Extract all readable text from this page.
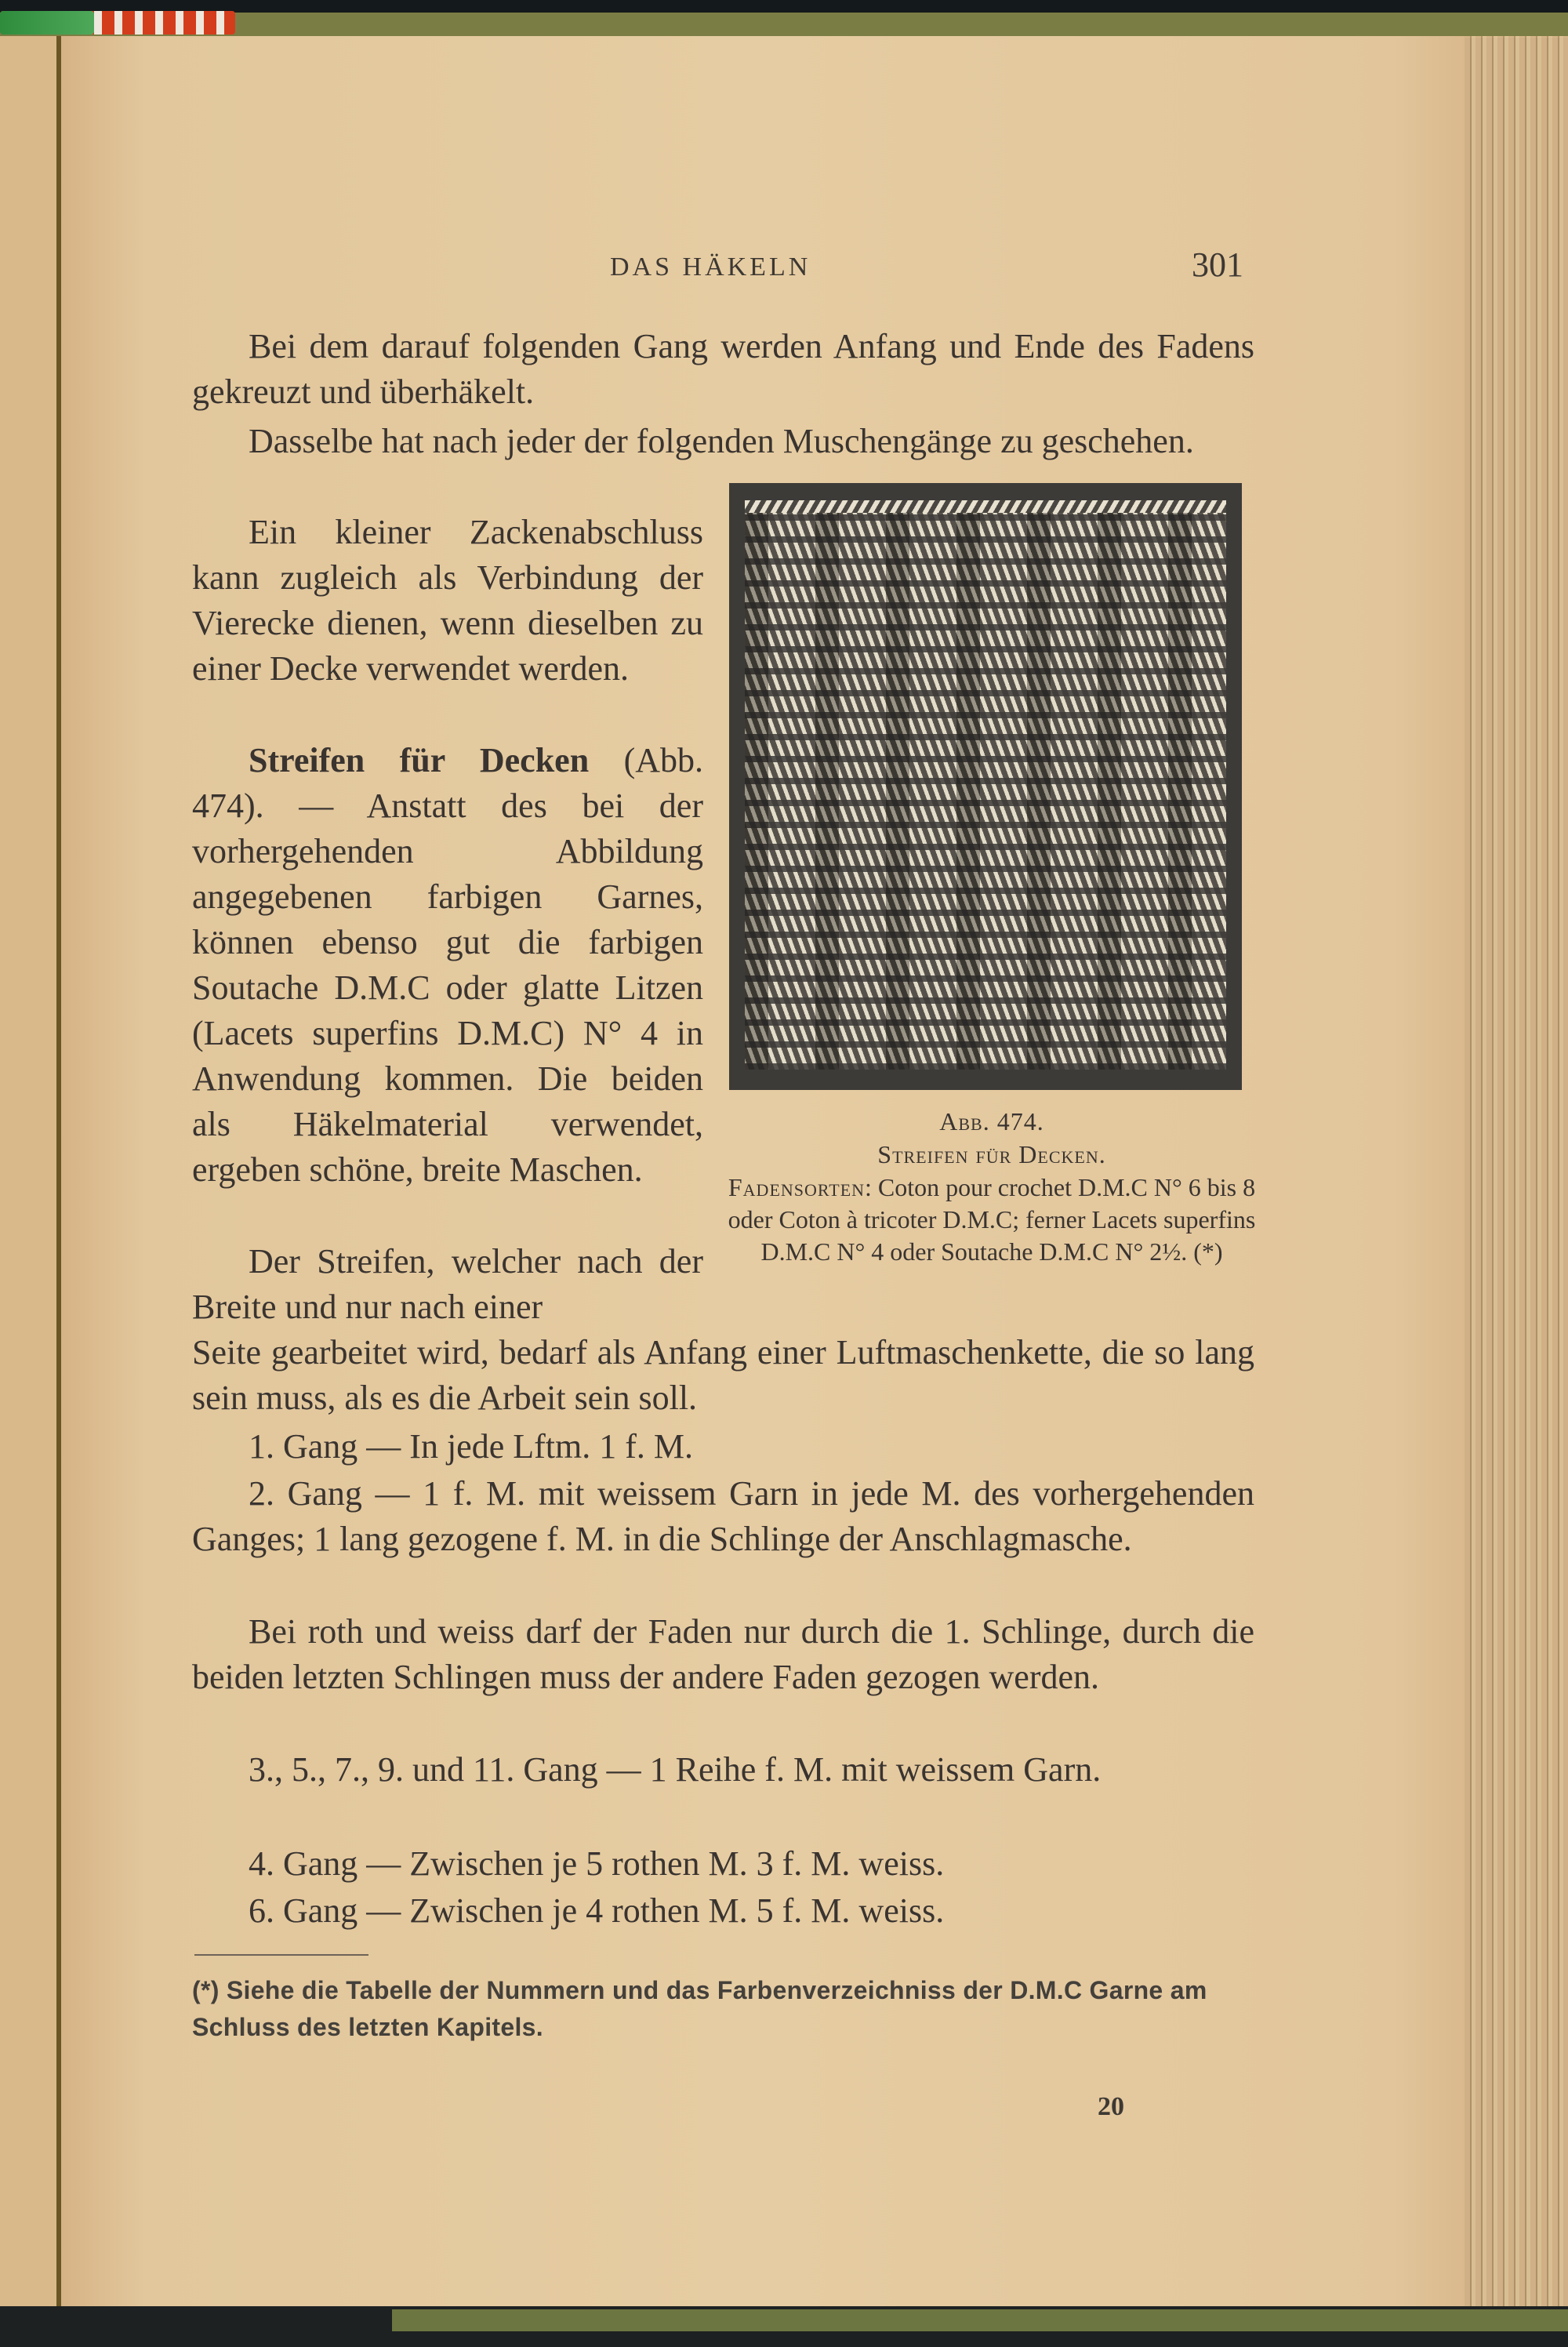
DAS HÄKELN	301
Bei dem darauf folgenden Gang werden Anfang und Ende des Fadens gekreuzt und überhäkelt.
Dasselbe hat nach jeder der folgenden Muschengänge zu geschehen.
Ein kleiner Zackenabschluss kann zugleich als Verbindung der Vierecke dienen, wenn dieselben zu einer Decke verwendet werden.
Streifen für Decken (Abb. 474). — Anstatt des bei der vorhergehenden Abbildung angegebenen farbigen Garnes, können ebenso gut die farbigen Soutache D.M.C oder glatte Litzen (Lacets superfins D.M.C) N° 4 in Anwendung kommen. Die beiden als Häkelmaterial verwendet, ergeben schöne, breite Maschen.
Der Streifen, welcher nach der Breite und nur nach einer
Seite gearbeitet wird, bedarf als Anfang einer Luftmaschenkette, die so lang sein muss, als es die Arbeit sein soll.
1. Gang — In jede Lftm. 1 f. M.
2. Gang — 1 f. M. mit weissem Garn in jede M. des vorhergehenden Ganges; 1 lang gezogene f. M. in die Schlinge der Anschlagmasche.
Bei roth und weiss darf der Faden nur durch die 1. Schlinge, durch die beiden letzten Schlingen muss der andere Faden gezogen werden.
3., 5., 7., 9. und 11. Gang — 1 Reihe f. M. mit weissem Garn.
4. Gang — Zwischen je 5 rothen M. 3 f. M. weiss.
6. Gang — Zwischen je 4 rothen M. 5 f. M. weiss.
Abb. 474.
Streifen für Decken.
Fadensorten: Coton pour crochet D.M.C N° 6 bis 8 oder Coton à tricoter D.M.C; ferner Lacets superfins D.M.C N° 4 oder Soutache D.M.C N° 2½. (*)
(*) Siehe die Tabelle der Nummern und das Farbenverzeichniss der D.M.C Garne am Schluss des letzten Kapitels.
20
